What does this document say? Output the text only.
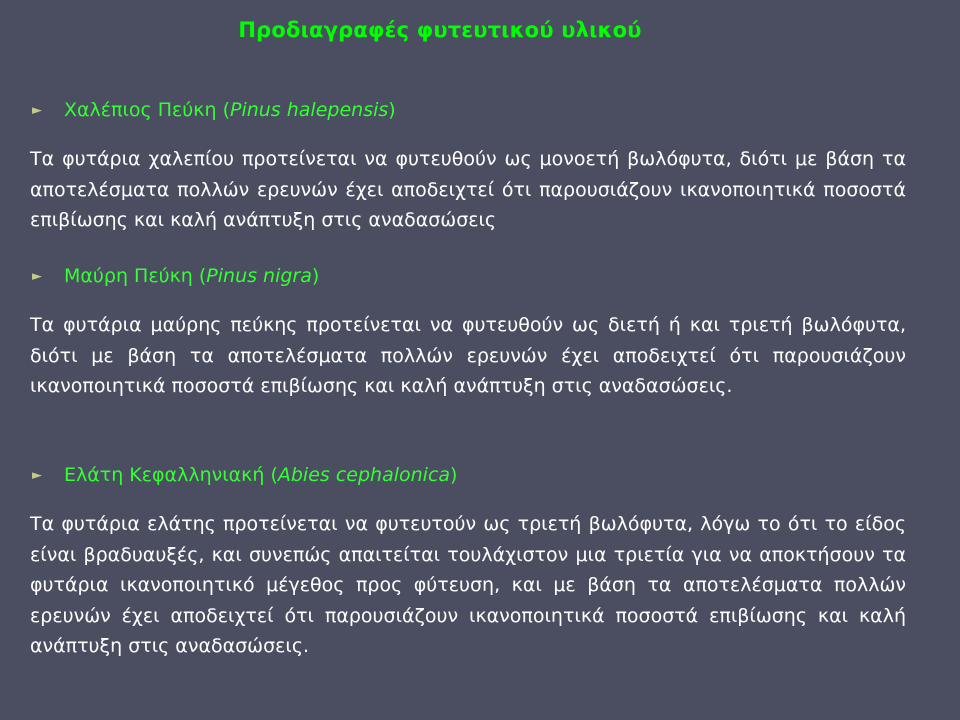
Προδιαγραφές φυτευτικού υλικού
►	Χαλέπιος Πεύκη (Pinus halepensis)
Τα φυτάρια χαλεπίου προτείνεται να φυτευθούν ως μονοετή βωλόφυτα, διότι με βάση τα αποτελέσματα πολλών ερευνών έχει αποδειχτεί ότι παρουσιάζουν ικανοποιητικά ποσοστά επιβίωσης και καλή ανάπτυξη στις αναδασώσεις
►	Μαύρη Πεύκη (Pinus nigra)
Τα φυτάρια μαύρης πεύκης προτείνεται να φυτευθούν ως διετή ή και τριετή βωλόφυτα, διότι με βάση τα αποτελέσματα πολλών ερευνών έχει αποδειχτεί ότι παρουσιάζουν ικανοποιητικά ποσοστά επιβίωσης και καλή ανάπτυξη στις αναδασώσεις.
►	Ελάτη Κεφαλληνιακή (Abies cephalonica)
Τα φυτάρια ελάτης προτείνεται να φυτευτούν ως τριετή βωλόφυτα, λόγω το ότι το είδος είναι βραδυαυξές, και συνεπώς απαιτείται τουλάχιστον μια τριετία για να αποκτήσουν τα φυτάρια ικανοποιητικό μέγεθος προς φύτευση, και με βάση τα αποτελέσματα πολλών ερευνών έχει αποδειχτεί ότι παρουσιάζουν ικανοποιητικά ποσοστά επιβίωσης και καλή ανάπτυξη στις αναδασώσεις.
